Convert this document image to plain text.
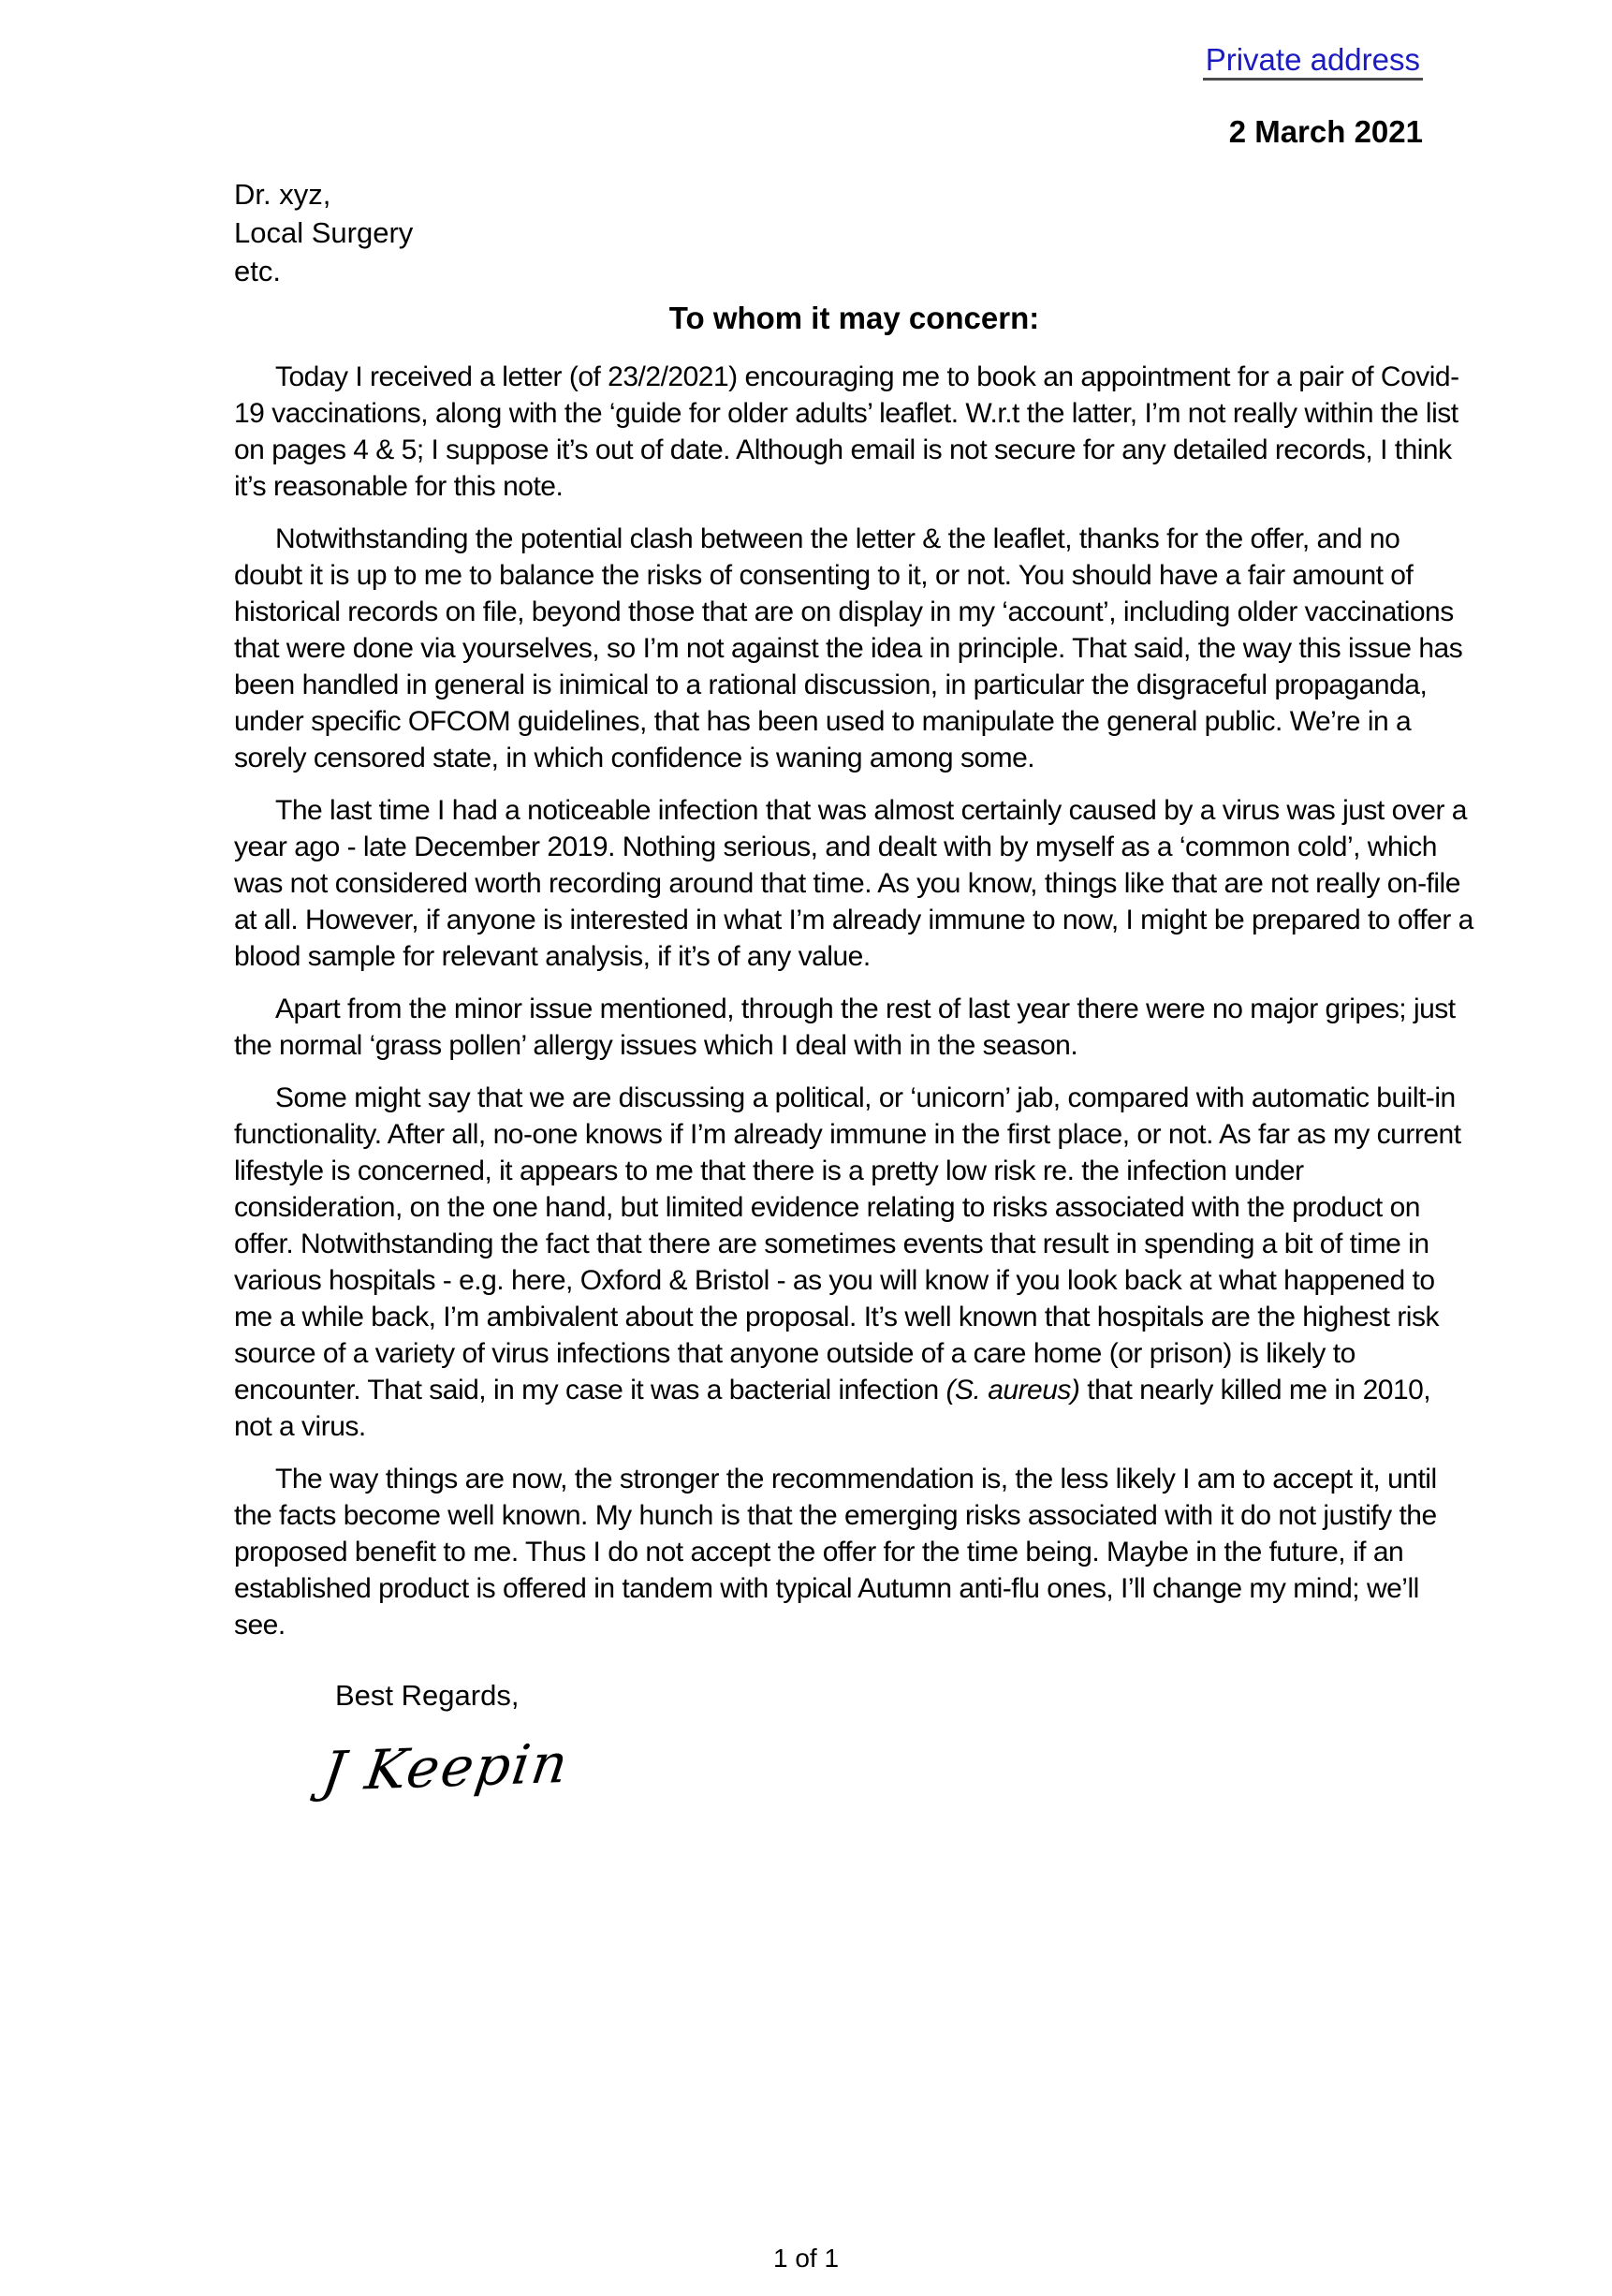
Private address
2 March 2021
Dr. xyz,
Local Surgery
etc.
To whom it may concern:

Today I received a letter (of 23/2/2021) encouraging me to book an appointment for a pair of Covid-19 vaccinations, along with the ‘guide for older adults’ leaflet. W.r.t the latter, I’m not really within the list on pages 4 & 5; I suppose it’s out of date. Although email is not secure for any detailed records, I think it’s reasonable for this note.

Notwithstanding the potential clash between the letter & the leaflet, thanks for the offer, and no doubt it is up to me to balance the risks of consenting to it, or not. You should have a fair amount of historical records on file, beyond those that are on display in my ‘account’, including older vaccinations that were done via yourselves, so I’m not against the idea in principle. That said, the way this issue has been handled in general is inimical to a rational discussion, in particular the disgraceful propaganda, under specific OFCOM guidelines, that has been used to manipulate the general public. We’re in a sorely censored state, in which confidence is waning among some.

The last time I had a noticeable infection that was almost certainly caused by a virus was just over a year ago - late December 2019. Nothing serious, and dealt with by myself as a ‘common cold’, which was not considered worth recording around that time. As you know, things like that are not really on-file at all. However, if anyone is interested in what I’m already immune to now, I might be prepared to offer a blood sample for relevant analysis, if it’s of any value.

Apart from the minor issue mentioned, through the rest of last year there were no major gripes; just the normal ‘grass pollen’ allergy issues which I deal with in the season.

Some might say that we are discussing a political, or ‘unicorn’ jab, compared with automatic built-in functionality. After all, no-one knows if I’m already immune in the first place, or not. As far as my current lifestyle is concerned, it appears to me that there is a pretty low risk re. the infection under consideration, on the one hand, but limited evidence relating to risks associated with the product on offer. Notwithstanding the fact that there are sometimes events that result in spending a bit of time in various hospitals - e.g. here, Oxford & Bristol - as you will know if you look back at what happened to me a while back, I’m ambivalent about the proposal. It’s well known that hospitals are the highest risk source of a variety of virus infections that anyone outside of a care home (or prison) is likely to encounter. That said, in my case it was a bacterial infection (S. aureus) that nearly killed me in 2010, not a virus.

The way things are now, the stronger the recommendation is, the less likely I am to accept it, until the facts become well known. My hunch is that the emerging risks associated with it do not justify the proposed benefit to me. Thus I do not accept the offer for the time being. Maybe in the future, if an established product is offered in tandem with typical Autumn anti-flu ones, I’ll change my mind; we’ll see.

Best Regards,
J Keepin
1 of 1
